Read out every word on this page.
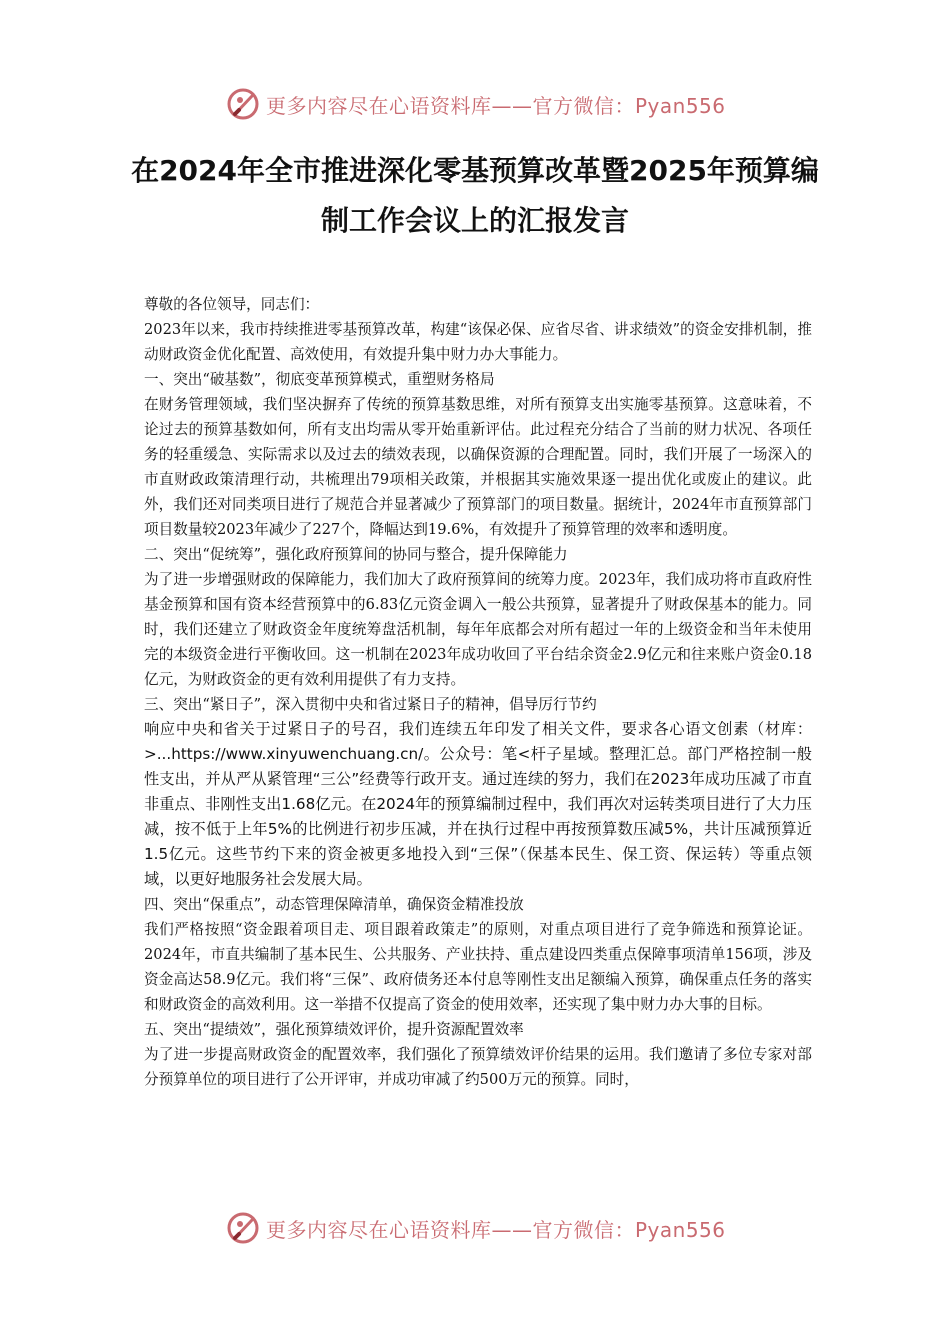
更多内容尽在心语资料库——官方微信：Pyan556
在2024年全市推进深化零基预算改革暨2025年预算编制工作会议上的汇报发言

尊敬的各位领导，同志们：

2023年以来，我市持续推进零基预算改革，构建“该保必保、应省尽省、讲求绩效”的资金安排机制，推动财政资金优化配置、高效使用，有效提升集中财力办大事能力。

一、突出“破基数”，彻底变革预算模式，重塑财务格局

在财务管理领域，我们坚决摒弃了传统的预算基数思维，对所有预算支出实施零基预算。这意味着，不论过去的预算基数如何，所有支出均需从零开始重新评估。此过程充分结合了当前的财力状况、各项任务的轻重缓急、实际需求以及过去的绩效表现，以确保资源的合理配置。同时，我们开展了一场深入的市直财政政策清理行动，共梳理出79项相关政策，并根据其实施效果逐一提出优化或废止的建议。此外，我们还对同类项目进行了规范合并显著减少了预算部门的项目数量。据统计，2024年市直预算部门项目数量较2023年减少了227个，降幅达到19.6%，有效提升了预算管理的效率和透明度。

二、突出“促统筹”，强化政府预算间的协同与整合，提升保障能力

为了进一步增强财政的保障能力，我们加大了政府预算间的统筹力度。2023年，我们成功将市直政府性基金预算和国有资本经营预算中的6.83亿元资金调入一般公共预算，显著提升了财政保基本的能力。同时，我们还建立了财政资金年度统筹盘活机制，每年年底都会对所有超过一年的上级资金和当年未使用完的本级资金进行平衡收回。这一机制在2023年成功收回了平台结余资金2.9亿元和往来账户资金0.18亿元，为财政资金的更有效利用提供了有力支持。

三、突出“紧日子”，深入贯彻中央和省过紧日子的精神，倡导厉行节约

响应中央和省关于过紧日子的号召，我们连续五年印发了相关文件，要求各心语文创素（材库：>...https://www.xinyuwenchuang.cn/。公众号：笔<杆子星域。整理汇总。部门严格控制一般性支出，并从严从紧管理“三公”经费等行政开支。通过连续的努力，我们在2023年成功压减了市直非重点、非刚性支出1.68亿元。在2024年的预算编制过程中，我们再次对运转类项目进行了大力压减，按不低于上年5%的比例进行初步压减，并在执行过程中再按预算数压减5%，共计压减预算近1.5亿元。这些节约下来的资金被更多地投入到“三保”（保基本民生、保工资、保运转）等重点领域，以更好地服务社会发展大局。

四、突出“保重点”，动态管理保障清单，确保资金精准投放

我们严格按照“资金跟着项目走、项目跟着政策走”的原则，对重点项目进行了竞争筛选和预算论证。2024年，市直共编制了基本民生、公共服务、产业扶持、重点建设四类重点保障事项清单156项，涉及资金高达58.9亿元。我们将“三保”、政府债务还本付息等刚性支出足额编入预算，确保重点任务的落实和财政资金的高效利用。这一举措不仅提高了资金的使用效率，还实现了集中财力办大事的目标。

五、突出“提绩效”，强化预算绩效评价，提升资源配置效率

为了进一步提高财政资金的配置效率，我们强化了预算绩效评价结果的运用。我们邀请了多位专家对部分预算单位的项目进行了公开评审，并成功审减了约500万元的预算。同时，

更多内容尽在心语资料库——官方微信：Pyan556
